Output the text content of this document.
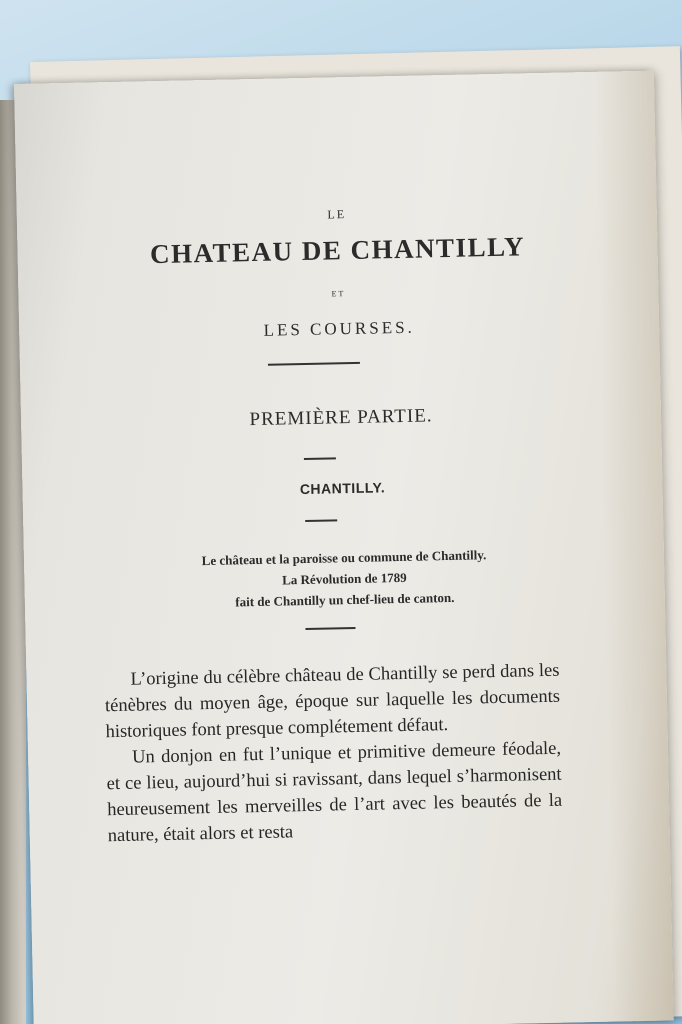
LE
CHATEAU DE CHANTILLY
ET
LES COURSES.
PREMIÈRE PARTIE.
CHANTILLY.
Le château et la paroisse ou commune de Chantilly.
La Révolution de 1789
fait de Chantilly un chef-lieu de canton.

L’origine du célèbre château de Chantilly se perd dans les ténèbres du moyen âge, époque sur laquelle les documents historiques font presque complétement défaut.

Un donjon en fut l’unique et primitive demeure féodale, et ce lieu, aujourd’hui si ravissant, dans lequel s’harmonisent heureusement les merveilles de l’art avec les beautés de la nature, était alors et resta
